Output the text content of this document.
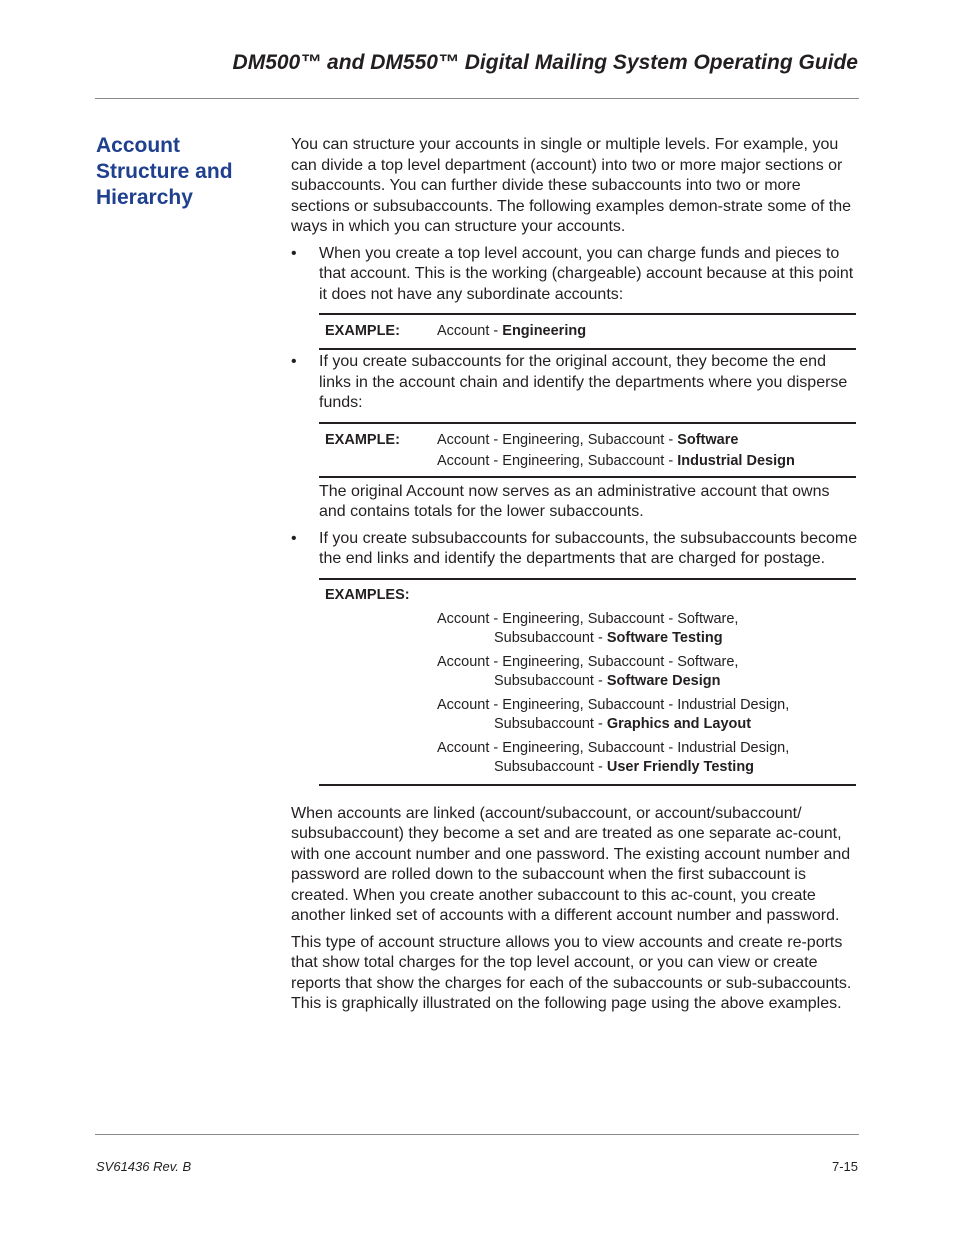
DM500™ and DM550™ Digital Mailing System Operating Guide
Account
Structure and
Hierarchy

You can structure your accounts in single or multiple levels. For example, you can divide a top level department (account) into two or more major sections or subaccounts. You can further divide these subaccounts into two or more sections or subsubaccounts. The following examples demon-strate some of the ways in which you can structure your accounts.

• When you create a top level account, you can charge funds and pieces to that account. This is the working (chargeable) account because at this point it does not have any subordinate accounts:

EXAMPLE:	Account - Engineering
• If you create subaccounts for the original account, they become the end links in the account chain and identify the departments where you disperse funds:

EXAMPLE:	Account - Engineering, Subaccount - Software
Account - Engineering, Subaccount - Industrial Design

The original Account now serves as an administrative account that owns and contains totals for the lower subaccounts.

• If you create subsubaccounts for subaccounts, the subsubaccounts become the end links and identify the departments that are charged for postage.

EXAMPLES:
Account - Engineering, Subaccount - Software,
Subsubaccount - Software Testing
Account - Engineering, Subaccount - Software,
Subsubaccount - Software Design
Account - Engineering, Subaccount - Industrial Design,
Subsubaccount - Graphics and Layout
Account - Engineering, Subaccount - Industrial Design,
Subsubaccount - User Friendly Testing

When accounts are linked (account/subaccount, or account/subaccount/ subsubaccount) they become a set and are treated as one separate ac-count, with one account number and one password. The existing account number and password are rolled down to the subaccount when the first subaccount is created. When you create another subaccount to this ac-count, you create another linked set of accounts with a different account number and password.

This type of account structure allows you to view accounts and create re-ports that show total charges for the top level account, or you can view or create reports that show the charges for each of the subaccounts or sub-subaccounts. This is graphically illustrated on the following page using the above examples.

SV61436 Rev. B	7-15
